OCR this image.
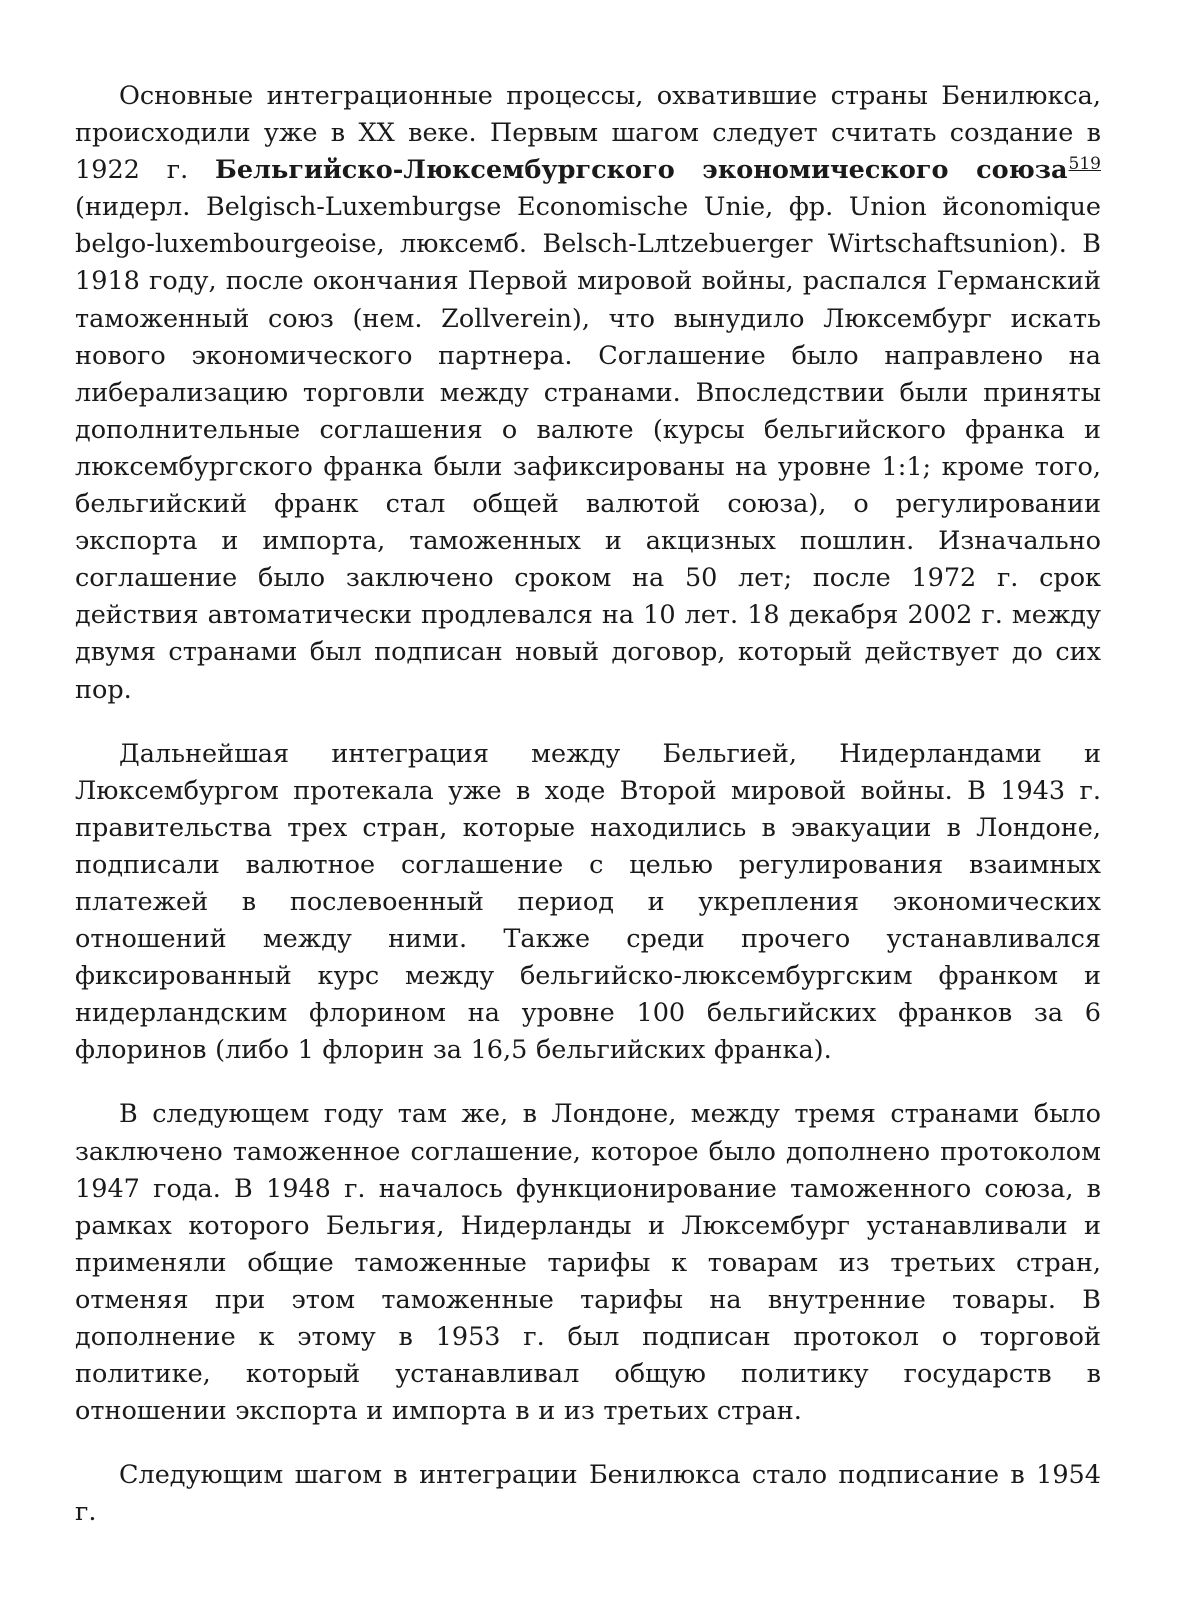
Основные интеграционные процессы, охватившие страны Бенилюкса, происходили уже в XX веке. Первым шагом следует считать создание в 1922 г. Бельгийско-Люксембургского экономического союза$^{519}$ (нидерл. Belgisch-Luxemburgse Economische Unie, фр. Union йconomique belgo-luxembourgeoise, люксемб. Belsch-Lлtzebuerger Wirtschaftsunion). В 1918 году, после окончания Первой мировой войны, распался Германский таможенный союз (нем. Zollverein), что вынудило Люксембург искать нового экономического партнера. Соглашение было направлено на либерализацию торговли между странами. Впоследствии были приняты дополнительные соглашения о валюте (курсы бельгийского франка и люксембургского франка были зафиксированы на уровне 1:1; кроме того, бельгийский франк стал общей валютой союза), о регулировании экспорта и импорта, таможенных и акцизных пошлин. Изначально соглашение было заключено сроком на 50 лет; после 1972 г. срок действия автоматически продлевался на 10 лет. 18 декабря 2002 г. между двумя странами был подписан новый договор, который действует до сих пор.

Дальнейшая интеграция между Бельгией, Нидерландами и Люксембургом протекала уже в ходе Второй мировой войны. В 1943 г. правительства трех стран, которые находились в эвакуации в Лондоне, подписали валютное соглашение с целью регулирования взаимных платежей в послевоенный период и укрепления экономических отношений между ними. Также среди прочего устанавливался фиксированный курс между бельгийско-люксембургским франком и нидерландским флорином на уровне 100 бельгийских франков за 6 флоринов (либо 1 флорин за 16,5 бельгийских франка).

В следующем году там же, в Лондоне, между тремя странами было заключено таможенное соглашение, которое было дополнено протоколом 1947 года. В 1948 г. началось функционирование таможенного союза, в рамках которого Бельгия, Нидерланды и Люксембург устанавливали и применяли общие таможенные тарифы к товарам из третьих стран, отменяя при этом таможенные тарифы на внутренние товары. В дополнение к этому в 1953 г. был подписан протокол о торговой политике, который устанавливал общую политику государств в отношении экспорта и импорта в и из третьих стран.

Следующим шагом в интеграции Бенилюкса стало подписание в 1954 г.
